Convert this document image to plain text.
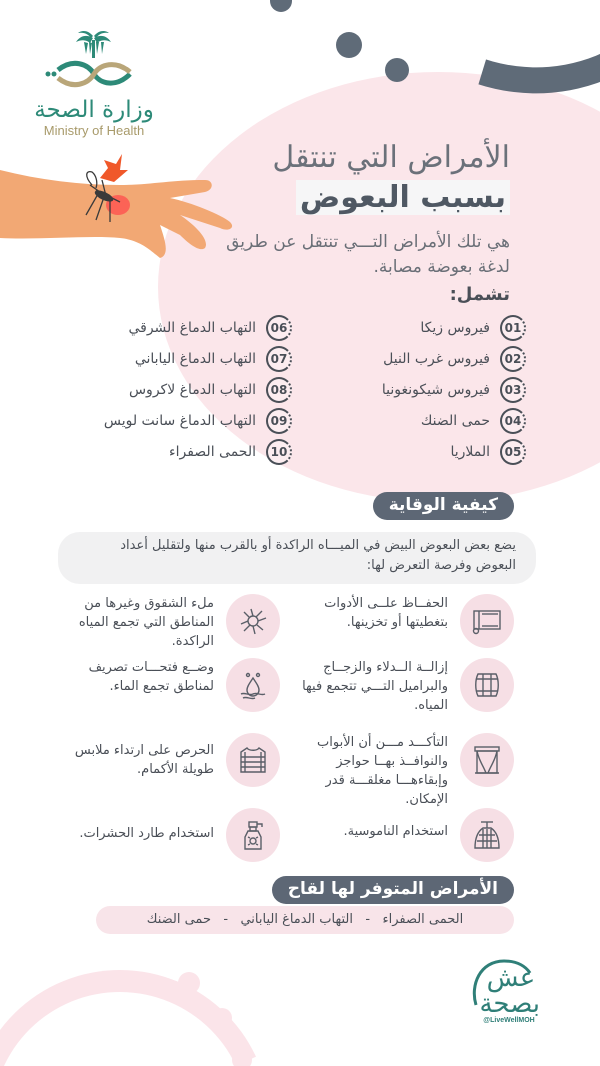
وزارة الصحة
Ministry of Health
الأمراض التي تنتقل
بسبب البعوض
هي تلك الأمراض التـــي تنتقل عن طريق لدغة بعوضة مصابة.
تشمل:
01
فيروس زيكا
02
فيروس غرب النيل
03
فيروس شيكونغونيا
04
حمى الضنك
05
الملاريا
06
التهاب الدماغ الشرقي
07
التهاب الدماغ الياباني
08
التهاب الدماغ لاكروس
09
التهاب الدماغ سانت لويس
10
الحمى الصفراء
كيفية الوقاية
يضع بعض البعوض البيض في الميـــاه الراكدة أو بالقرب منها ولتقليل أعداد البعوض وفرصة التعرض لها:
الحفــاظ علــى الأدوات بتغطيتها أو تخزينها.
إزالــة الــدلاء والزجــاج والبراميل التـــي تتجمع فيها المياه.
التأكـــد مـــن أن الأبواب والنوافــذ بهــا حواجز وإبقاءهـــا مغلقـــة قدر الإمكان.
استخدام الناموسية.
ملء الشقوق وغيرها من المناطق التي تجمع المياه الراكدة.
وضــع فتحـــات تصريف لمناطق تجمع الماء.
الحرص على ارتداء ملابس طويلة الأكمام.
استخدام طارد الحشرات.
الأمراض المتوفر لها لقاح
الحمى الصفراء   -   التهاب الدماغ الياباني   -   حمى الضنك
عش بصحة
@LiveWellMOH
